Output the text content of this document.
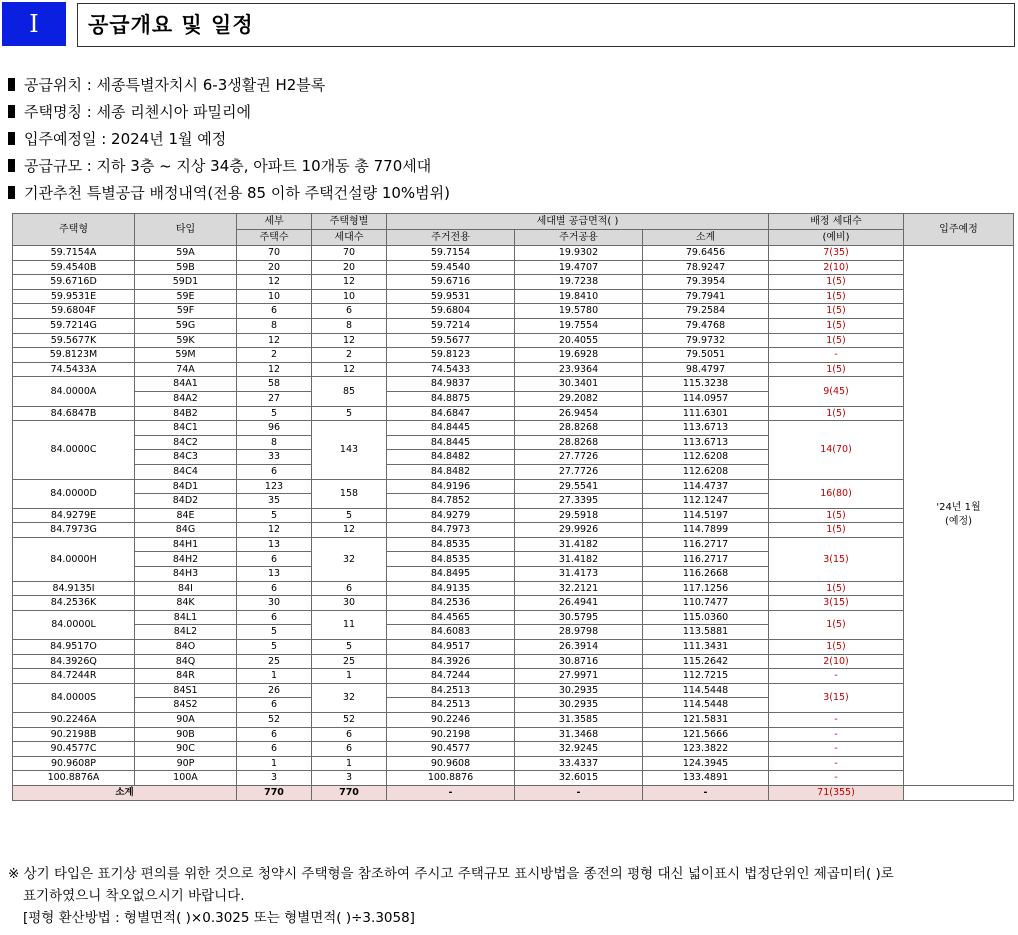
I	공급개요 및 일정
공급위치 : 세종특별자치시 6-3생활권 H2블록
주택명칭 : 세종 리첸시아 파밀리에
입주예정일 : 2024년 1월 예정
공급규모 : 지하 3층 ~ 지상 34층, 아파트 10개동 총 770세대
기관추천 특별공급 배정내역(전용 85 이하 주택건설량 10%범위)
주택형	타입	세부	주택형별	세대별 공급면적( )			배정 세대수	입주예정
		주택수	세대수	주거전용	주거공용	소계	(예비)	
59.7154A	59A	70	70	59.7154	19.9302	79.6456	7(35)	'24년 1월
(예정)
59.4540B	59B	20	20	59.4540	19.4707	78.9247	2(10)	
59.6716D	59D1	12	12	59.6716	19.7238	79.3954	1(5)	
59.9531E	59E	10	10	59.9531	19.8410	79.7941	1(5)	
59.6804F	59F	6	6	59.6804	19.5780	79.2584	1(5)	
59.7214G	59G	8	8	59.7214	19.7554	79.4768	1(5)	
59.5677K	59K	12	12	59.5677	20.4055	79.9732	1(5)	
59.8123M	59M	2	2	59.8123	19.6928	79.5051	-	
74.5433A	74A	12	12	74.5433	23.9364	98.4797	1(5)	
84.0000A	84A1	58	85	84.9837	30.3401	115.3238	9(45)	
	84A2	27		84.8875	29.2082	114.0957		
84.6847B	84B2	5	5	84.6847	26.9454	111.6301	1(5)	
84.0000C	84C1	96	143	84.8445	28.8268	113.6713	14(70)	
	84C2	8		84.8445	28.8268	113.6713		
	84C3	33		84.8482	27.7726	112.6208		
	84C4	6		84.8482	27.7726	112.6208		
84.0000D	84D1	123	158	84.9196	29.5541	114.4737	16(80)	
	84D2	35		84.7852	27.3395	112.1247		
84.9279E	84E	5	5	84.9279	29.5918	114.5197	1(5)	
84.7973G	84G	12	12	84.7973	29.9926	114.7899	1(5)	
84.0000H	84H1	13	32	84.8535	31.4182	116.2717	3(15)	
	84H2	6		84.8535	31.4182	116.2717		
	84H3	13		84.8495	31.4173	116.2668		
84.9135I	84I	6	6	84.9135	32.2121	117.1256	1(5)	
84.2536K	84K	30	30	84.2536	26.4941	110.7477	3(15)	
84.0000L	84L1	6	11	84.4565	30.5795	115.0360	1(5)	
	84L2	5		84.6083	28.9798	113.5881		
84.9517O	84O	5	5	84.9517	26.3914	111.3431	1(5)	
84.3926Q	84Q	25	25	84.3926	30.8716	115.2642	2(10)	
84.7244R	84R	1	1	84.7244	27.9971	112.7215	-	
84.0000S	84S1	26	32	84.2513	30.2935	114.5448	3(15)	
	84S2	6		84.2513	30.2935	114.5448		
90.2246A	90A	52	52	90.2246	31.3585	121.5831	-	
90.2198B	90B	6	6	90.2198	31.3468	121.5666	-	
90.4577C	90C	6	6	90.4577	32.9245	123.3822	-	
90.9608P	90P	1	1	90.9608	33.4337	124.3945	-	
100.8876A	100A	3	3	100.8876	32.6015	133.4891	-	
소계		770	770	-	-	-	71(355)	
※ 상기 타입은 표기상 편의를 위한 것으로 청약시 주택형을 참조하여 주시고 주택규모 표시방법을 종전의 평형 대신 넓이표시 법정단위인 제곱미터( )로
표기하였으니 착오없으시기 바랍니다.
[평형 환산방법 : 형별면적( )×0.3025 또는 형별면적( )÷3.3058]
